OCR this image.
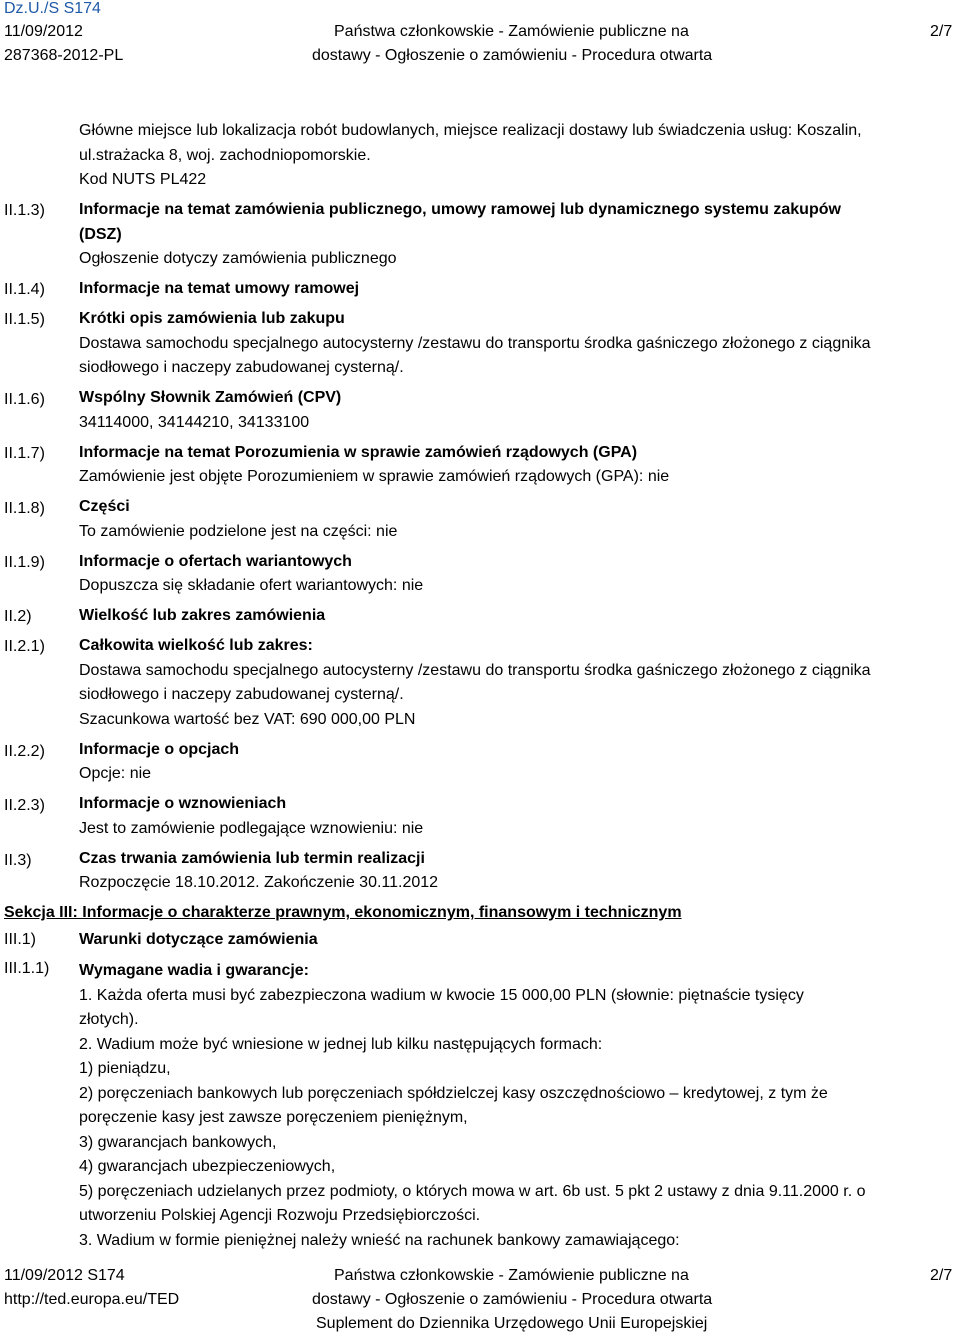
Dz.U./S S174
11/09/2012
287368-2012-PL
Państwa członkowskie - Zamówienie publiczne na
dostawy - Ogłoszenie o zamówieniu - Procedura otwarta
2/7
II.1.3)
II.1.4)
II.1.5)
II.1.6)
II.1.7)
II.1.8)
II.1.9)
II.2)
II.2.1)
II.2.2)
II.2.3)
II.3)
Główne miejsce lub lokalizacja robót budowlanych, miejsce realizacji dostawy lub świadczenia usług: Koszalin,
ul.strażacka 8, woj. zachodniopomorskie.
Kod NUTS PL422
Informacje na temat zamówienia publicznego, umowy ramowej lub dynamicznego systemu zakupów
(DSZ)
Ogłoszenie dotyczy zamówienia publicznego
Informacje na temat umowy ramowej
Krótki opis zamówienia lub zakupu
Dostawa samochodu specjalnego autocysterny /zestawu do transportu środka gaśniczego złożonego z ciągnika
siodłowego i naczepy zabudowanej cysterną/.
Wspólny Słownik Zamówień (CPV)
34114000, 34144210, 34133100
Informacje na temat Porozumienia w sprawie zamówień rządowych (GPA)
Zamówienie jest objęte Porozumieniem w sprawie zamówień rządowych (GPA): nie
Części
To zamówienie podzielone jest na części: nie
Informacje o ofertach wariantowych
Dopuszcza się składanie ofert wariantowych: nie
Wielkość lub zakres zamówienia
Całkowita wielkość lub zakres:
Dostawa samochodu specjalnego autocysterny /zestawu do transportu środka gaśniczego złożonego z ciągnika
siodłowego i naczepy zabudowanej cysterną/.
Szacunkowa wartość bez VAT: 690 000,00 PLN
Informacje o opcjach
Opcje: nie
Informacje o wznowieniach
Jest to zamówienie podlegające wznowieniu: nie
Czas trwania zamówienia lub termin realizacji
Rozpoczęcie 18.10.2012. Zakończenie 30.11.2012
Sekcja III: Informacje o charakterze prawnym, ekonomicznym, finansowym i technicznym
III.1)	Warunki dotyczące zamówienia
III.1.1) Wymagane wadia i gwarancje:
1. Każda oferta musi być zabezpieczona wadium w kwocie 15 000,00 PLN (słownie: piętnaście tysięcy
złotych).
2. Wadium może być wniesione w jednej lub kilku następujących formach:
1) pieniądzu,
2) poręczeniach bankowych lub poręczeniach spółdzielczej kasy oszczędnościowo – kredytowej, z tym że
poręczenie kasy jest zawsze poręczeniem pieniężnym,
3) gwarancjach bankowych,
4) gwarancjach ubezpieczeniowych,
5) poręczeniach udzielanych przez podmioty, o których mowa w art. 6b ust. 5 pkt 2 ustawy z dnia 9.11.2000 r. o
utworzeniu Polskiej Agencji Rozwoju Przedsiębiorczości.
3. Wadium w formie pieniężnej należy wnieść na rachunek bankowy zamawiającego:
11/09/2012 S174
http://ted.europa.eu/TED
Państwa członkowskie - Zamówienie publiczne na
dostawy - Ogłoszenie o zamówieniu - Procedura otwarta
Suplement do Dziennika Urzędowego Unii Europejskiej
2/7
